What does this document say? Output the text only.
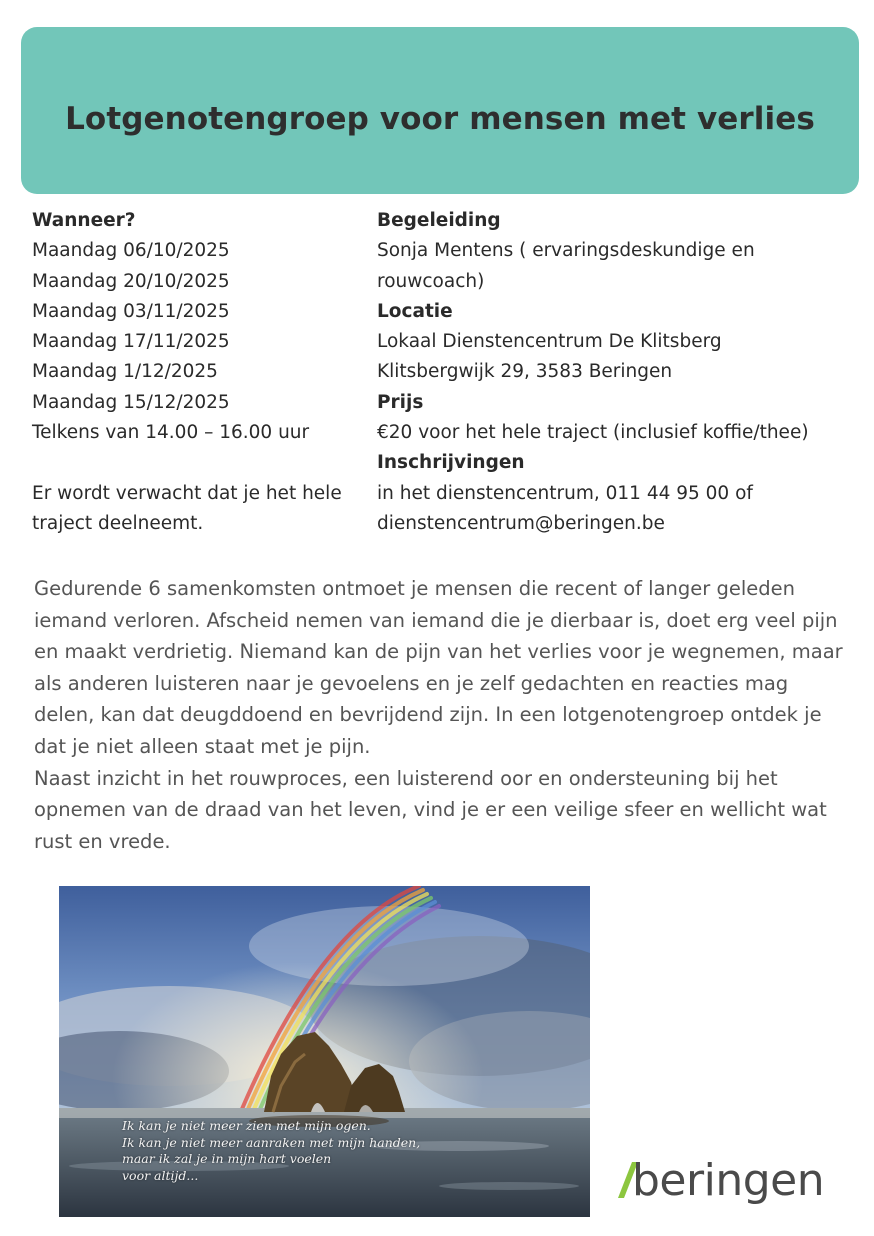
Lotgenotengroep voor mensen met verlies
Wanneer?
Maandag 06/10/2025
Maandag 20/10/2025
Maandag 03/11/2025
Maandag 17/11/2025
Maandag 1/12/2025
Maandag 15/12/2025
Telkens van 14.00 – 16.00 uur
Er wordt verwacht dat je het hele
traject deelneemt.
Begeleiding
Sonja Mentens ( ervaringsdeskundige en
rouwcoach)
Locatie
Lokaal Dienstencentrum De Klitsberg
Klitsbergwijk 29, 3583 Beringen
Prijs
€20 voor het hele traject (inclusief koffie/thee)
Inschrijvingen
in het dienstencentrum, 011 44 95 00 of
dienstencentrum@beringen.be
Gedurende 6 samenkomsten ontmoet je mensen die recent of langer geleden
iemand verloren. Afscheid nemen van iemand die je dierbaar is, doet erg veel pijn
en maakt verdrietig. Niemand kan de pijn van het verlies voor je wegnemen, maar
als anderen luisteren naar je gevoelens en je zelf gedachten en reacties mag
delen, kan dat deugddoend en bevrijdend zijn. In een lotgenotengroep ontdek je
dat je niet alleen staat met je pijn.
Naast inzicht in het rouwproces, een luisterend oor en ondersteuning bij het
opnemen van de draad van het leven, vind je er een veilige sfeer en wellicht wat
rust en vrede.
Ik kan je niet meer zien met mijn ogen.
Ik kan je niet meer aanraken met mijn handen,
maar ik zal je in mijn hart voelen
voor altijd...	beringen
